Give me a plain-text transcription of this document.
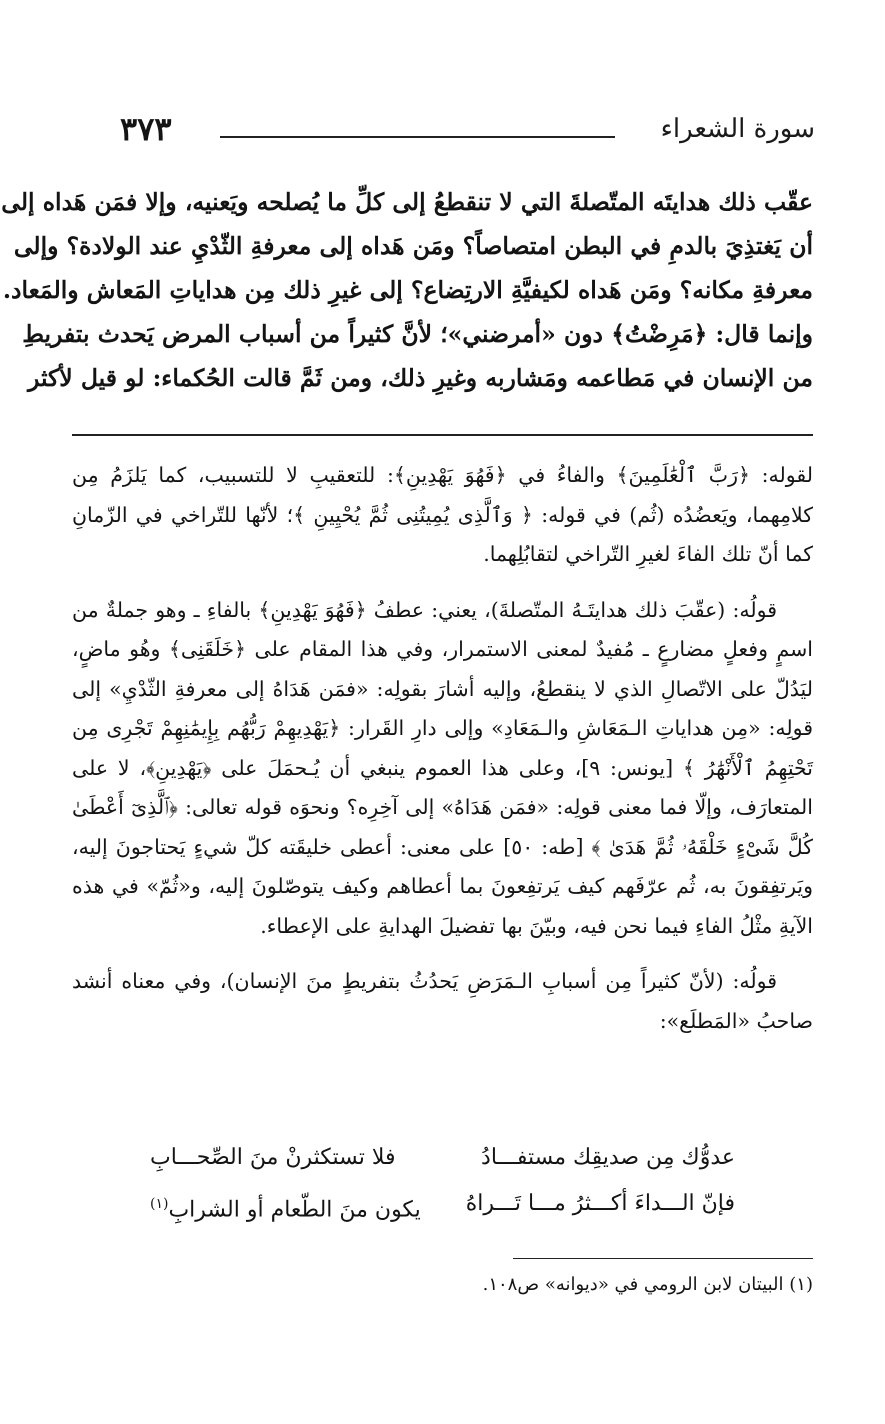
سورة الشعراء
٣٧٣
عقّب ذلك هدايتَه المتّصلةَ التي لا تنقطعُ إلى كلِّ ما يُصلحه ويَعنيه، وإلا فمَن هَداه إلى
أن يَغتذِيَ بالدمِ في البطن امتصاصاً؟ ومَن هَداه إلى معرفةِ الثّدْيِ عند الولادة؟ وإلى
معرفةِ مكانه؟ ومَن هَداه لكيفيَّةِ الارتِضاع؟ إلى غيرِ ذلك مِن هداياتِ المَعاش والمَعاد.
وإنما قال: ﴿مَرِضْتُ﴾ دون «أمرضني»؛ لأنَّ كثيراً من أسباب المرض يَحدث بتفريطِ
من الإنسان في مَطاعمه ومَشاربه وغيرِ ذلك، ومن ثَمَّ قالت الحُكماء: لو قيل لأكثر

لقوله: ﴿رَبَّ ٱلْعَٰلَمِينَ﴾ والفاءُ في ﴿فَهُوَ يَهْدِينِ﴾: للتعقيبِ لا للتسبيب، كما يَلزَمُ مِن كلامِهما، ويَعضُدُه (ثُم) في قوله: ﴿ وَٱلَّذِى يُمِيتُنِى ثُمَّ يُحْيِينِ ﴾؛ لأنّها للتّراخي في الزّمانِ كما أنّ تلك الفاءَ لغيرِ التّراخي لتقابُلِهما.

قولُه: (عقّبَ ذلك هدايتَـهُ المتّصلةَ)، يعني: عطفُ ﴿فَهُوَ يَهْدِينِ﴾ بالفاءِ ـ وهو جملةٌ من اسمٍ وفعلٍ مضارعٍ ـ مُفيدٌ لمعنى الاستمرار، وفي هذا المقام على ﴿خَلَقَنِى﴾ وهُو ماضٍ، ليَدُلّ على الاتّصالِ الذي لا ينقطعُ، وإليه أشارَ بقولِه: «فمَن هَدَاهُ إلى معرفةِ الثّدْيِ» إلى قولِه: «مِن هداياتِ الـمَعَاشِ والـمَعَادِ» وإلى دارِ القَرار: ﴿يَهْدِيهِمْ رَبُّهُم بِإِيمَٰنِهِمْ تَجْرِى مِن تَحْتِهِمُ ٱلْأَنْهَٰرُ ﴾ [يونس: ٩]، وعلى هذا العموم ينبغي أن يُـحمَلَ على ﴿يَهْدِينِ﴾، لا على المتعارَف، وإلّا فما معنى قولِه: «فمَن هَدَاهُ» إلى آخِرِه؟ ونحوَه قوله تعالى: ﴿ٱلَّذِىٓ أَعْطَىٰ كُلَّ شَىْءٍ خَلْقَهُۥ ثُمَّ هَدَىٰ ﴾ [طه: ٥٠] على معنى: أعطى خليقَته كلّ شيءٍ يَحتاجونَ إليه، ويَرتفِقونَ به، ثُم عرّفَهم كيف يَرتفِعونَ بما أعطاهم وكيف يتوصّلونَ إليه، و«ثُمّ» في هذه الآيةِ مثْلُ الفاءِ فيما نحن فيه، وبيّنَ بها تفضيلَ الهدايةِ على الإعطاء.

قولُه: (لأنّ كثيراً مِن أسبابِ الـمَرَضِ يَحدُثُ بتفريطٍ منَ الإنسان)، وفي معناه أنشد صاحبُ «المَطلَع»:

عدوُّك مِن صديقِك مستفـــادُ
فلا تستكثرنْ منَ الصِّحـــابِ
فإنّ الـــداءَ أكـــثرُ مـــا تَـــراهُ
يكون منَ الطّعام أو الشرابِ$^{(١)}$
(١) البيتان لابن الرومي في «ديوانه» ص١٠٨.
